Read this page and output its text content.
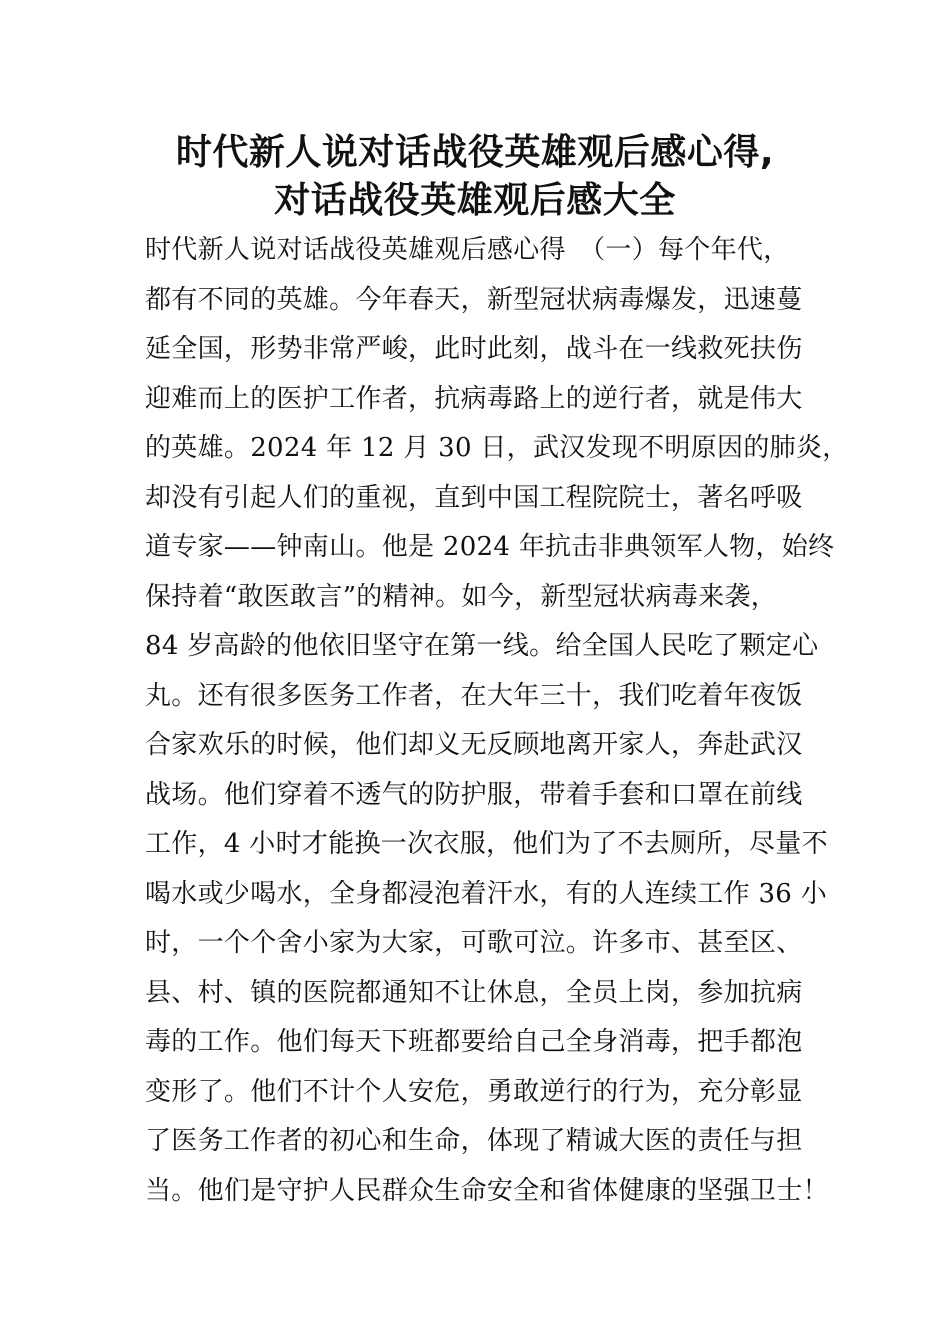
时代新人说对话战役英雄观后感心得,
对话战役英雄观后感大全
时代新人说对话战役英雄观后感心得　（一）每个年代，
都有不同的英雄。今年春天，新型冠状病毒爆发，迅速蔓
延全国，形势非常严峻，此时此刻，战斗在一线救死扶伤
迎难而上的医护工作者，抗病毒路上的逆行者，就是伟大
的英雄。2024 年 12 月 30 日，武汉发现不明原因的肺炎，
却没有引起人们的重视，直到中国工程院院士，著名呼吸
道专家——钟南山。他是 2024 年抗击非典领军人物，始终
保持着“敢医敢言”的精神。如今，新型冠状病毒来袭，
84 岁高龄的他依旧坚守在第一线。给全国人民吃了颗定心
丸。还有很多医务工作者，在大年三十，我们吃着年夜饭
合家欢乐的时候，他们却义无反顾地离开家人，奔赴武汉
战场。他们穿着不透气的防护服，带着手套和口罩在前线
工作，4 小时才能换一次衣服，他们为了不去厕所，尽量不
喝水或少喝水，全身都浸泡着汗水，有的人连续工作 36 小
时，一个个舍小家为大家，可歌可泣。许多市、甚至区、
县、村、镇的医院都通知不让休息，全员上岗，参加抗病
毒的工作。他们每天下班都要给自己全身消毒，把手都泡
变形了。他们不计个人安危，勇敢逆行的行为，充分彰显
了医务工作者的初心和生命，体现了精诚大医的责任与担
当。他们是守护人民群众生命安全和省体健康的坚强卫士！
